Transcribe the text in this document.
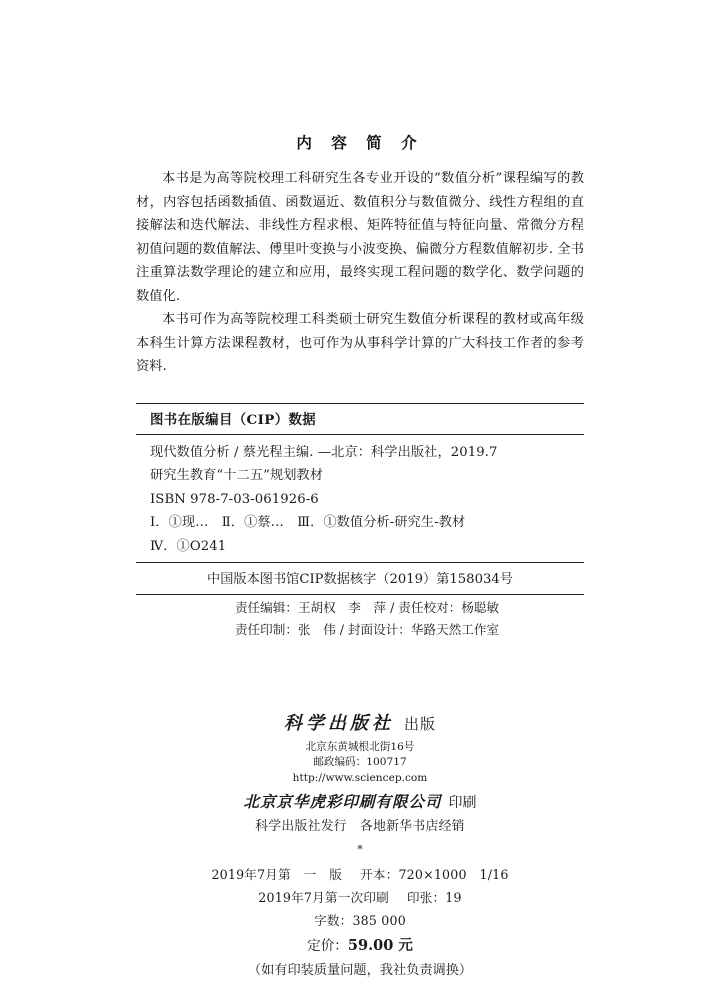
内 容 简 介

本书是为高等院校理工科研究生各专业开设的“数值分析”课程编写的教材，内容包括函数插值、函数逼近、数值积分与数值微分、线性方程组的直接解法和迭代解法、非线性方程求根、矩阵特征值与特征向量、常微分方程初值问题的数值解法、傅里叶变换与小波变换、偏微分方程数值解初步. 全书注重算法数学理论的建立和应用，最终实现工程问题的数学化、数学问题的数值化.

本书可作为高等院校理工科类硕士研究生数值分析课程的教材或高年级本科生计算方法课程教材，也可作为从事科学计算的广大科技工作者的参考资料.

图书在版编目（CIP）数据
现代数值分析 / 蔡光程主编. —北京：科学出版社，2019.7
研究生教育“十二五”规划教材
ISBN 978-7-03-061926-6
Ⅰ．①现…　Ⅱ．①蔡…　Ⅲ．①数值分析-研究生-教材
Ⅳ．①O241
中国版本图书馆CIP数据核字（2019）第158034号
责任编辑：王胡权　李　萍 / 责任校对：杨聪敏
责任印制：张　伟 / 封面设计：华路天然工作室
科学出版社 出版
北京东黄城根北街16号
邮政编码：100717
http://www.sciencep.com
北京京华虎彩印刷有限公司 印刷
科学出版社发行　各地新华书店经销
*
2019年7月第　一　版 开本：720×1000　1/16
2019年7月第一次印刷 印张：19
字数：385 000
定价：59.00 元
（如有印装质量问题，我社负责调换）
